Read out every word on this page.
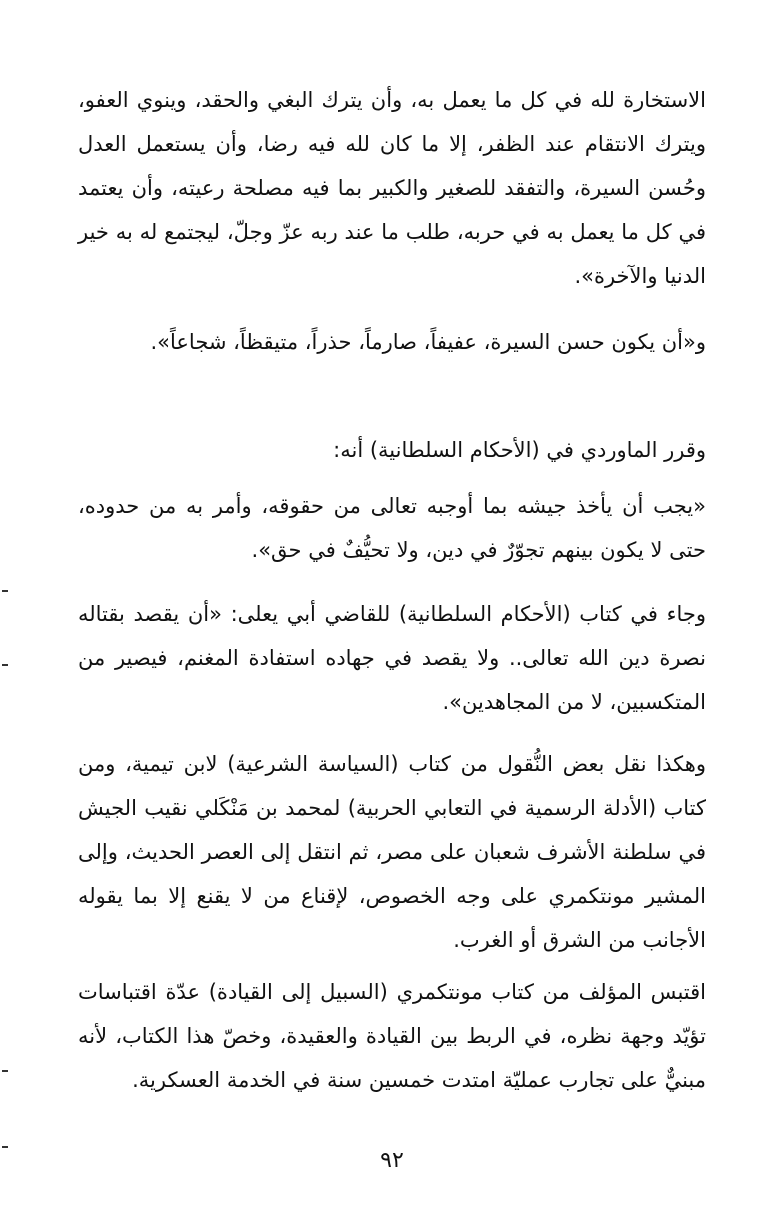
الاستخارة لله في كل ما يعمل به، وأن يترك البغي والحقد، وينوي العفو، ويترك الانتقام عند الظفر، إلا ما كان لله فيه رضا، وأن يستعمل العدل وحُسن السيرة، والتفقد للصغير والكبير بما فيه مصلحة رعيته، وأن يعتمد في كل ما يعمل به في حربه، طلب ما عند ربه عزّ وجلّ، ليجتمع له به خير الدنيا والآخرة».
و«أن يكون حسن السيرة، عفيفاً، صارماً، حذراً، متيقظاً، شجاعاً».
وقرر الماوردي في (الأحكام السلطانية) أنه:
«يجب أن يأخذ جيشه بما أوجبه تعالى من حقوقه، وأمر به من حدوده، حتى لا يكون بينهم تجوّرٌ في دين، ولا تحيُّفٌ في حق».
وجاء في كتاب (الأحكام السلطانية) للقاضي أبي يعلى: «أن يقصد بقتاله نصرة دين الله تعالى.. ولا يقصد في جهاده استفادة المغنم، فيصير من المتكسبين، لا من المجاهدين».
وهكذا نقل بعض النُّقول من كتاب (السياسة الشرعية) لابن تيمية، ومن كتاب (الأدلة الرسمية في التعابي الحربية) لمحمد بن مَنْكَلي نقيب الجيش في سلطنة الأشرف شعبان على مصر، ثم انتقل إلى العصر الحديث، وإلى المشير مونتكمري على وجه الخصوص، لإقناع من لا يقنع إلا بما يقوله الأجانب من الشرق أو الغرب.
اقتبس المؤلف من كتاب مونتكمري (السبيل إلى القيادة) عدّة اقتباسات تؤيّد وجهة نظره، في الربط بين القيادة والعقيدة، وخصّ هذا الكتاب، لأنه مبنيٌّ على تجارب عمليّة امتدت خمسين سنة في الخدمة العسكرية.
٩٢
